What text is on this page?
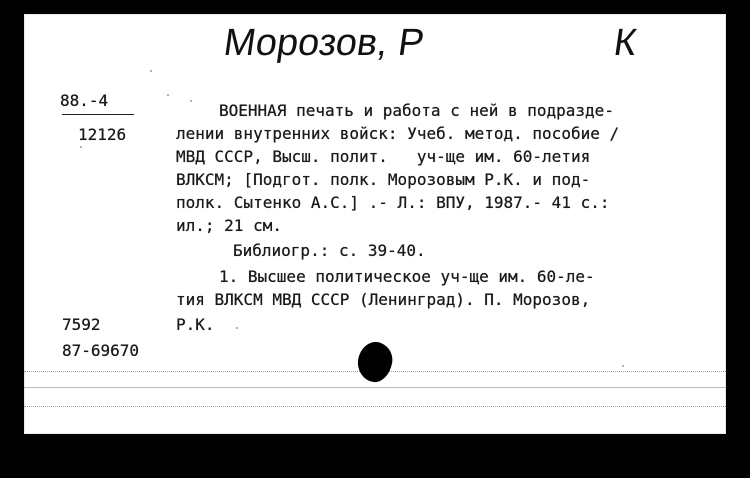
Морозов, Р	К
88.-4
12126
ВОЕННАЯ печать и работа с ней в подразде-
лении внутренних войск: Учеб. метод. пособие /
МВД СССР, Высш. полит.   уч-ще им. 60-летия
ВЛКСМ; [Подгот. полк. Морозовым Р.К. и под-
полк. Сытенко А.С.] .- Л.: ВПУ, 1987.- 41 с.:
ил.; 21 см.
Библиогр.: с. 39-40.
1. Высшее политическое уч-ще им. 60-ле-
тия ВЛКСМ МВД СССР (Ленинград). П. Морозов,
7592	Р.К.
87-69670
